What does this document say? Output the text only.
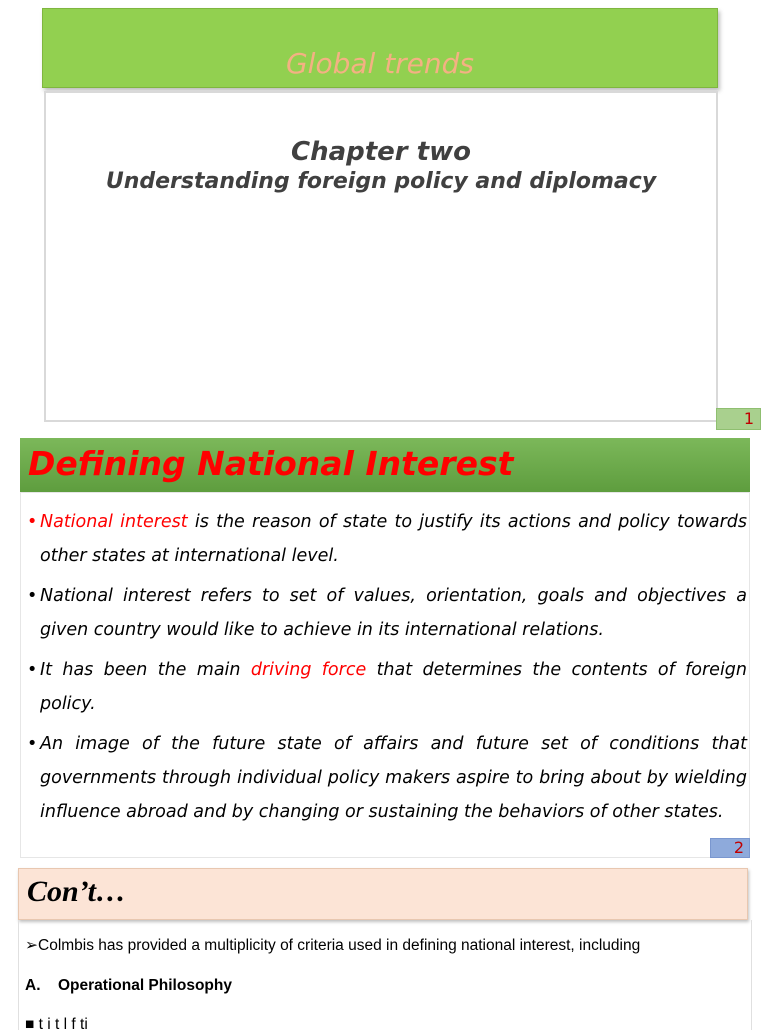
Global trends
Chapter two
Understanding foreign policy and diplomacy
1
Defining National Interest
• National interest is the reason of state to justify its actions and policy towards other states at international level.
• National interest refers to set of values, orientation, goals and objectives a given country would like to achieve in its international relations.
• It has been the main driving force that determines the contents of foreign policy.
• An image of the future state of affairs and future set of conditions that governments through individual policy makers aspire to bring about by wielding influence abroad and by changing or sustaining the behaviors of other states.
2
Con’t…
➢Colmbis has provided a multiplicity of criteria used in defining national interest, including
A. Operational Philosophy
■ t i t l f ti
